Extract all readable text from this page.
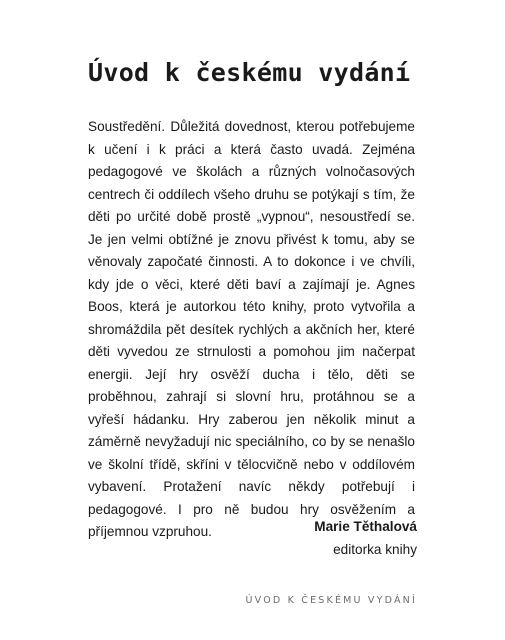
Úvod k českému vydání

Soustředění. Důležitá dovednost, kterou potřebujeme k učení i k práci a která často uvadá. Zejména pedagogové ve školách a různých volnočasových centrech či oddílech všeho druhu se potýkají s tím, že děti po určité době prostě „vypnou“, nesoustředí se. Je jen velmi obtížné je znovu přivést k tomu, aby se věnovaly započaté činnosti. A to dokonce i ve chvíli, kdy jde o věci, které děti baví a zajímají je. Agnes Boos, která je autorkou této knihy, proto vytvořila a shromáždila pět desítek rychlých a akčních her, které děti vyvedou ze strnulosti a pomohou jim načerpat energii. Její hry osvěží ducha i tělo, děti se proběhnou, zahrají si slovní hru, protáhnou se a vyřeší hádanku. Hry zaberou jen několik minut a záměrně nevyžadují nic speciálního, co by se nenašlo ve školní třídě, skříni v tělocvičně nebo v oddílovém vybavení. Protažení navíc někdy potřebují i pedagogové. I pro ně budou hry osvěžením a příjemnou vzpruhou.	Marie Těthalová
editorka knihy
ÚVOD K ČESKÉMU VYDÁNÍ
